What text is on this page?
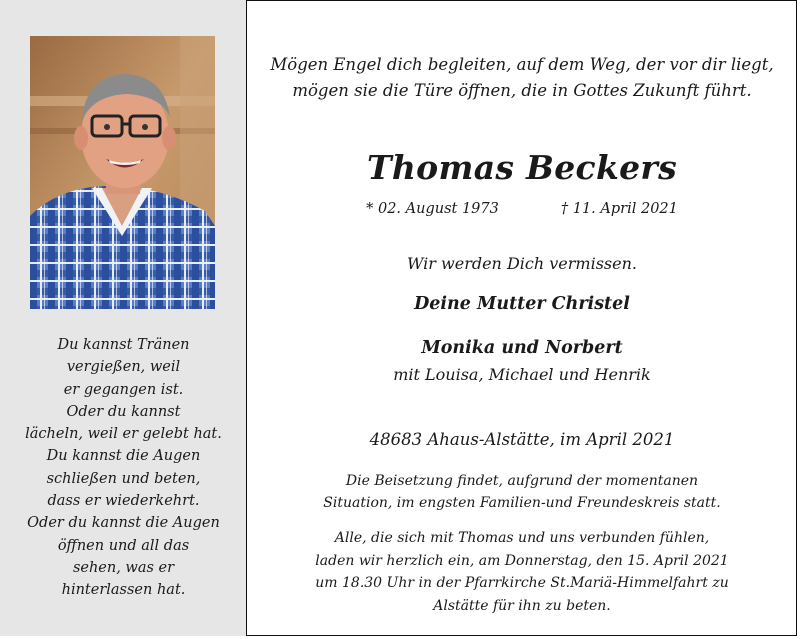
Du kannst Tränen
vergießen, weil
er gegangen ist.
Oder du kannst
lächeln, weil er gelebt hat.
Du kannst die Augen
schließen und beten,
dass er wiederkehrt.
Oder du kannst die Augen
öffnen und all das
sehen, was er
hinterlassen hat.
Mögen Engel dich begleiten, auf dem Weg, der vor dir liegt,
mögen sie die Türe öffnen, die in Gottes Zukunft führt.
Thomas Beckers
* 02. August 1973	† 11. April 2021
Wir werden Dich vermissen.
Deine Mutter Christel
Monika und Norbert
mit Louisa, Michael und Henrik
48683 Ahaus-Alstätte, im April 2021
Die Beisetzung findet, aufgrund der momentanen
Situation, im engsten Familien-und Freundeskreis statt.
Alle, die sich mit Thomas und uns verbunden fühlen,
laden wir herzlich ein, am Donnerstag, den 15. April 2021
um 18.30 Uhr in der Pfarrkirche St.Mariä-Himmelfahrt zu
Alstätte für ihn zu beten.
